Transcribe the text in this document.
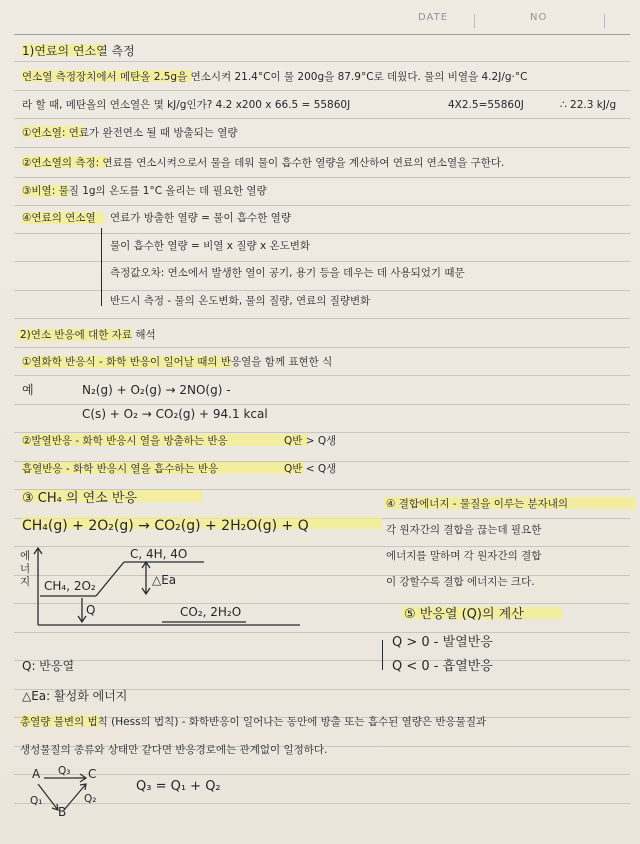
DATE	NO
1)연료의 연소열 측정
연소열 측정장치에서 메탄올 2.5g을 연소시켜 21.4°C이 물 200g을 87.9°C로 데웠다. 물의 비열을 4.2J/g·°C
라 할 때, 메탄올의 연소열은 몇 kJ/g인가? 4.2 x200 x 66.5 = 55860J	4X2.5=55860J	∴ 22.3 kJ/g
①연소열: 연료가 완전연소 될 때 방출되는 열량
②연소열의 측정: 연료를 연소시켜으로서 물을 데워 물이 흡수한 열량을 계산하여 연료의 연소열을 구한다.
③비열: 물질 1g의 온도를 1°C 올리는 데 필요한 열량
④연료의 연소열 연료가 방출한 열량 = 물이 흡수한 열량
물이 흡수한 열량 = 비열 x 질량 x 온도변화
측정값오차: 연소에서 발생한 열이 공기, 용기 등을 데우는 데 사용되었기 때문
반드시 측정 - 물의 온도변화, 물의 질량, 연료의 질량변화
2)연소 반응에 대한 자료 해석
①열화학 반응식 - 화학 반응이 일어날 때의 반응열을 함께 표현한 식
예	N₂(g) + O₂(g) → 2NO(g) -
C(s) + O₂ → CO₂(g) + 94.1 kcal
②발열반응 - 화학 반응시 열을 방출하는 반응	Q반 > Q생
흡열반응 - 화학 반응시 열을 흡수하는 반응	Q반 < Q생
③ CH₄ 의 연소 반응
CH₄(g) + 2O₂(g) → CO₂(g) + 2H₂O(g) + Q
에너지
C, 4H, 4O
CH₄, 2O₂	△Ea
Q	CO₂, 2H₂O
④ 결합에너지 - 물질을 이루는 분자내의
각 원자간의 결합을 끊는데 필요한
에너지를 말하며 각 원자간의 결합
이 강할수록 결합 에너지는 크다.
⑤ 반응열 (Q)의 계산
Q > 0 - 발열반응
Q < 0 - 흡열반응
Q: 반응열
△Ea: 활성화 에너지
총열량 불변의 법칙 (Hess의 법칙) - 화학반응이 일어나는 동안에 방출 또는 흡수된 열량은 반응물질과
생성물질의 종류와 상태만 같다면 반응경로에는 관계없이 일정하다.
A	C
B
Q₃
Q₁	Q₂
Q₃ = Q₁ + Q₂
